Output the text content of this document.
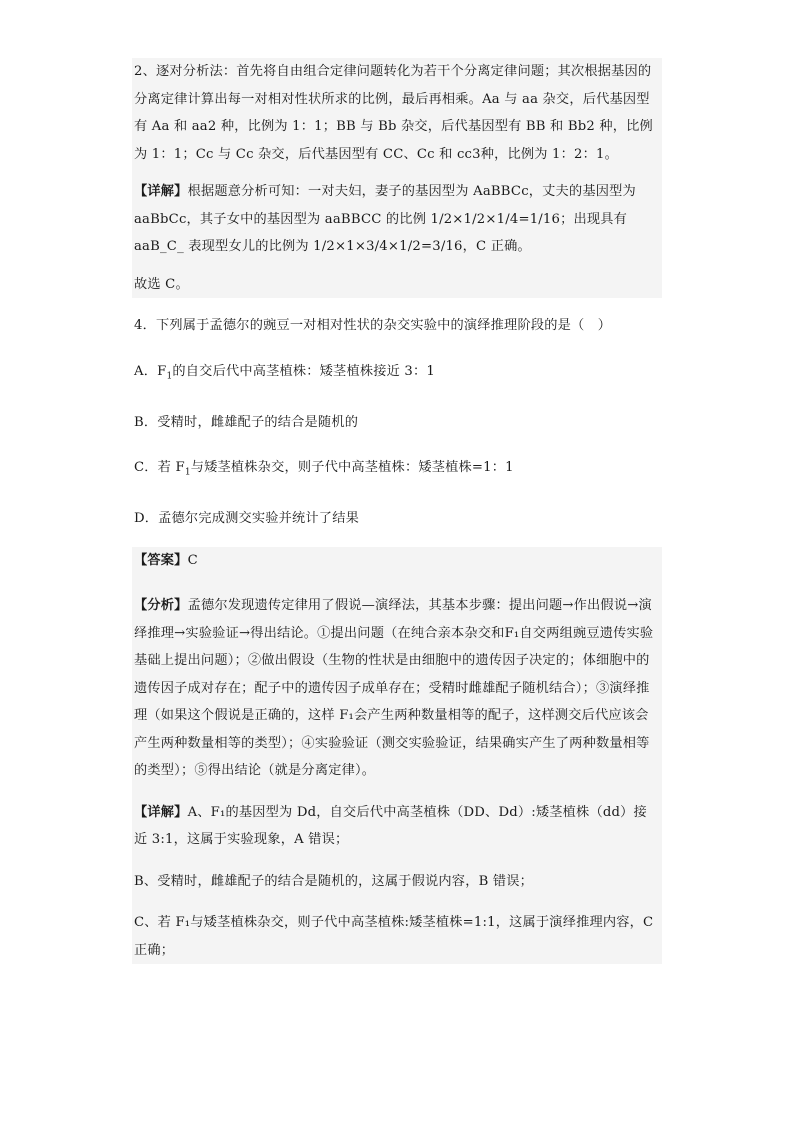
2、逐对分析法：首先将自由组合定律问题转化为若干个分离定律问题；其次根据基因的分离定律计算出每一对相对性状所求的比例，最后再相乘。Aa 与 aa 杂交，后代基因型有 Aa 和 aa2 种，比例为 1：1；BB 与 Bb 杂交，后代基因型有 BB 和 Bb2 种，比例为 1：1；Cc 与 Cc 杂交，后代基因型有 CC、Cc 和 cc3种，比例为 1：2：1。

【详解】根据题意分析可知：一对夫妇，妻子的基因型为 AaBBCc，丈夫的基因型为 aaBbCc，其子女中的基因型为 aaBBCC 的比例 1/2×1/2×1/4=1/16；出现具有 aaB_C_ 表现型女儿的比例为 1/2×1×3/4×1/2=3/16，C 正确。

故选 C。

4．下列属于孟德尔的豌豆一对相对性状的杂交实验中的演绎推理阶段的是（　）

A．$F_1$的自交后代中高茎植株：矮茎植株接近 3：1

B．受精时，雌雄配子的结合是随机的

C．若 $F_1$与矮茎植株杂交，则子代中高茎植株：矮茎植株=1：1

D．孟德尔完成测交实验并统计了结果

【答案】C

【分析】孟德尔发现遗传定律用了假说—演绎法，其基本步骤：提出问题→作出假说→演绎推理→实验验证→得出结论。①提出问题（在纯合亲本杂交和F₁自交两组豌豆遗传实验基础上提出问题）；②做出假设（生物的性状是由细胞中的遗传因子决定的；体细胞中的遗传因子成对存在；配子中的遗传因子成单存在；受精时雌雄配子随机结合）；③演绎推理（如果这个假说是正确的，这样 F₁会产生两种数量相等的配子，这样测交后代应该会产生两种数量相等的类型）；④实验验证（测交实验验证，结果确实产生了两种数量相等的类型）；⑤得出结论（就是分离定律）。

【详解】A、F₁的基因型为 Dd，自交后代中高茎植株（DD、Dd）:矮茎植株（dd）接近 3:1，这属于实验现象，A 错误；

B、受精时，雌雄配子的结合是随机的，这属于假说内容，B 错误；

C、若 F₁与矮茎植株杂交，则子代中高茎植株:矮茎植株=1:1，这属于演绎推理内容，C 正确；
